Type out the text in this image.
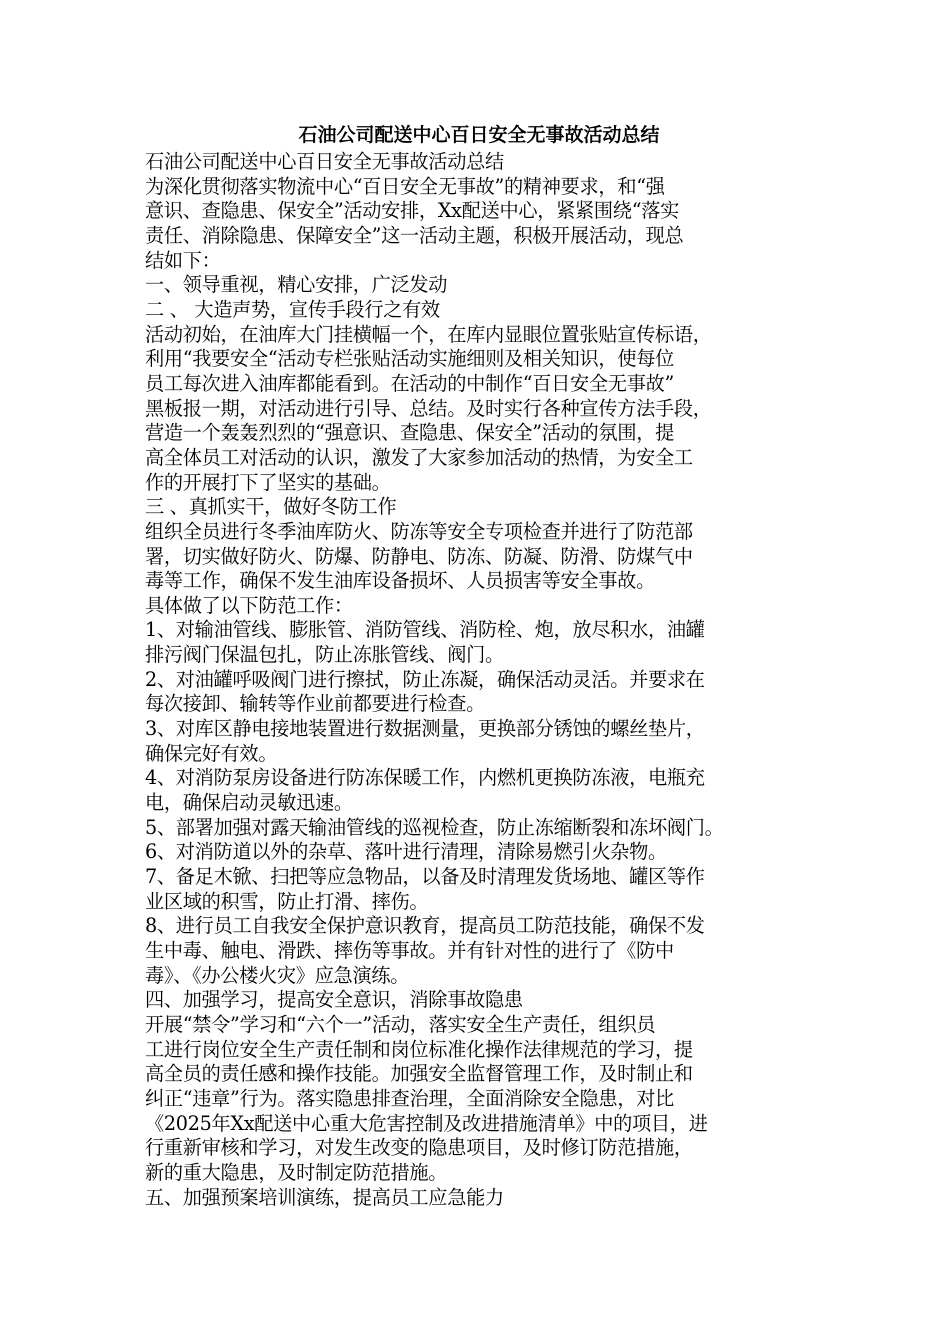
石油公司配送中心百日安全无事故活动总结

石油公司配送中心百日安全无事故活动总结

为深化贯彻落实物流中心“百日安全无事故”的精神要求，和“强
意识、查隐患、保安全”活动安排，Xx配送中心，紧紧围绕“落实
责任、消除隐患、保障安全”这一活动主题，积极开展活动，现总
结如下：

一、领导重视，精心安排，广泛发动

二 、 大造声势，宣传手段行之有效

活动初始，在油库大门挂横幅一个，在库内显眼位置张贴宣传标语，
利用“我要安全“活动专栏张贴活动实施细则及相关知识，使每位
员工每次进入油库都能看到。在活动的中制作“百日安全无事故”
黑板报一期，对活动进行引导、总结。及时实行各种宣传方法手段，
营造一个轰轰烈烈的“强意识、查隐患、保安全”活动的氛围，提
高全体员工对活动的认识，激发了大家参加活动的热情，为安全工
作的开展打下了坚实的基础。

三 、真抓实干，做好冬防工作

组织全员进行冬季油库防火、防冻等安全专项检查并进行了防范部
署，切实做好防火、防爆、防静电、防冻、防凝、防滑、防煤气中
毒等工作，确保不发生油库设备损坏、人员损害等安全事故。

具体做了以下防范工作：

1、对输油管线、膨胀管、消防管线、消防栓、炮，放尽积水，油罐
排污阀门保温包扎，防止冻胀管线、阀门。

2、对油罐呼吸阀门进行擦拭，防止冻凝，确保活动灵活。并要求在
每次接卸、输转等作业前都要进行检查。

3、对库区静电接地装置进行数据测量，更换部分锈蚀的螺丝垫片，
确保完好有效。

4、对消防泵房设备进行防冻保暖工作，内燃机更换防冻液，电瓶充
电，确保启动灵敏迅速。

5、部署加强对露天输油管线的巡视检查，防止冻缩断裂和冻坏阀门。

6、对消防道以外的杂草、落叶进行清理，清除易燃引火杂物。

7、备足木锨、扫把等应急物品，以备及时清理发货场地、罐区等作
业区域的积雪，防止打滑、摔伤。

8、进行员工自我安全保护意识教育，提高员工防范技能，确保不发
生中毒、触电、滑跌、摔伤等事故。并有针对性的进行了《防中
毒》、《办公楼火灾》应急演练。

四、加强学习，提高安全意识，消除事故隐患

开展“禁令”学习和“六个一”活动，落实安全生产责任，组织员
工进行岗位安全生产责任制和岗位标准化操作法律规范的学习，提
高全员的责任感和操作技能。加强安全监督管理工作，及时制止和
纠正“违章”行为。落实隐患排查治理，全面消除安全隐患，对比
《2025年Xx配送中心重大危害控制及改进措施清单》中的项目，进
行重新审核和学习，对发生改变的隐患项目，及时修订防范措施，
新的重大隐患，及时制定防范措施。

五、加强预案培训演练，提高员工应急能力
